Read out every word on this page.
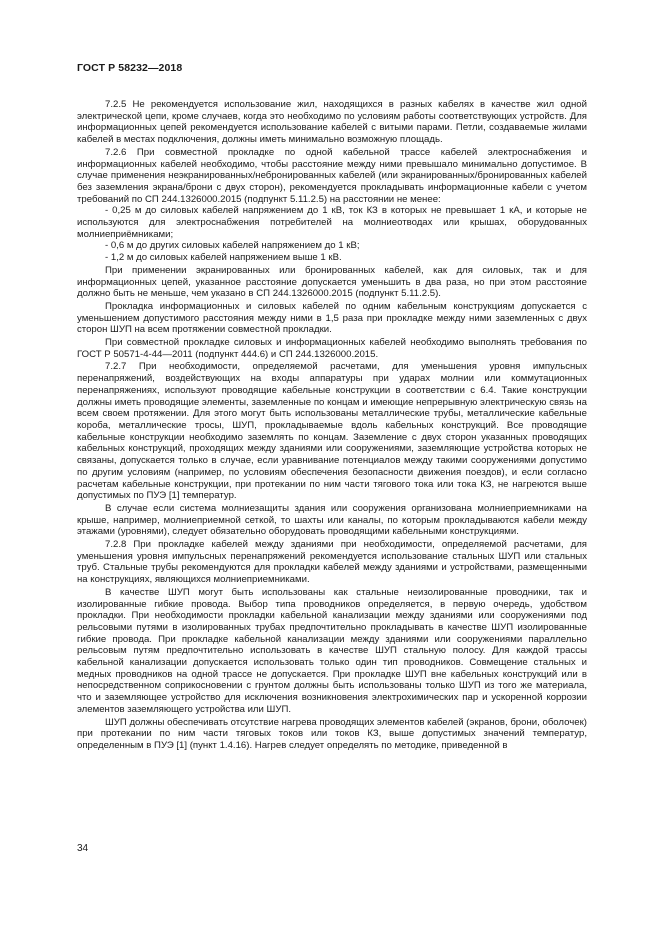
ГОСТ Р 58232—2018

7.2.5 Не рекомендуется использование жил, находящихся в разных кабелях в качестве жил одной электрической цепи, кроме случаев, когда это необходимо по условиям работы соответствующих устройств. Для информационных цепей рекомендуется использование кабелей с витыми парами. Петли, создаваемые жилами кабелей в местах подключения, должны иметь минимально возможную площадь.

7.2.6 При совместной прокладке по одной кабельной трассе кабелей электроснабжения и информационных кабелей необходимо, чтобы расстояние между ними превышало минимально допустимое. В случае применения неэкранированных/небронированных кабелей (или экранированных/бронированных кабелей без заземления экрана/брони с двух сторон), рекомендуется прокладывать информационные кабели с учетом требований по СП 244.1326000.2015 (подпункт 5.11.2.5) на расстоянии не менее:

- 0,25 м до силовых кабелей напряжением до 1 кВ, ток КЗ в которых не превышает 1 кА, и которые не используются для электроснабжения потребителей на молниеотводах или крышах, оборудованных молниеприёмниками;

- 0,6 м до других силовых кабелей напряжением до 1 кВ;

- 1,2 м до силовых кабелей напряжением выше 1 кВ.

При применении экранированных или бронированных кабелей, как для силовых, так и для информационных цепей, указанное расстояние допускается уменьшить в два раза, но при этом расстояние должно быть не меньше, чем указано в СП 244.1326000.2015 (подпункт 5.11.2.5).

Прокладка информационных и силовых кабелей по одним кабельным конструкциям допускается с уменьшением допустимого расстояния между ними в 1,5 раза при прокладке между ними заземленных с двух сторон ШУП на всем протяжении совместной прокладки.

При совместной прокладке силовых и информационных кабелей необходимо выполнять требования по ГОСТ Р 50571-4-44—2011 (подпункт 444.6) и СП 244.1326000.2015.

7.2.7 При необходимости, определяемой расчетами, для уменьшения уровня импульсных перенапряжений, воздействующих на входы аппаратуры при ударах молнии или коммутационных перенапряжениях, используют проводящие кабельные конструкции в соответствии с 6.4. Такие конструкции должны иметь проводящие элементы, заземленные по концам и имеющие непрерывную электрическую связь на всем своем протяжении. Для этого могут быть использованы металлические трубы, металлические кабельные короба, металлические тросы, ШУП, прокладываемые вдоль кабельных конструкций. Все проводящие кабельные конструкции необходимо заземлять по концам. Заземление с двух сторон указанных проводящих кабельных конструкций, проходящих между зданиями или сооружениями, заземляющие устройства которых не связаны, допускается только в случае, если уравнивание потенциалов между такими сооружениями допустимо по другим условиям (например, по условиям обеспечения безопасности движения поездов), и если согласно расчетам кабельные конструкции, при протекании по ним части тягового тока или тока КЗ, не нагреются выше допустимых по ПУЭ [1] температур.

В случае если система молниезащиты здания или сооружения организована молниеприемниками на крыше, например, молниеприемной сеткой, то шахты или каналы, по которым прокладываются кабели между этажами (уровнями), следует обязательно оборудовать проводящими кабельными конструкциями.

7.2.8 При прокладке кабелей между зданиями при необходимости, определяемой расчетами, для уменьшения уровня импульсных перенапряжений рекомендуется использование стальных ШУП или стальных труб. Стальные трубы рекомендуются для прокладки кабелей между зданиями и устройствами, размещенными на конструкциях, являющихся молниеприемниками.

В качестве ШУП могут быть использованы как стальные неизолированные проводники, так и изолированные гибкие провода. Выбор типа проводников определяется, в первую очередь, удобством прокладки. При необходимости прокладки кабельной канализации между зданиями или сооружениями под рельсовыми путями в изолированных трубах предпочтительно прокладывать в качестве ШУП изолированные гибкие провода. При прокладке кабельной канализации между зданиями или сооружениями параллельно рельсовым путям предпочтительно использовать в качестве ШУП стальную полосу. Для каждой трассы кабельной канализации допускается использовать только один тип проводников. Совмещение стальных и медных проводников на одной трассе не допускается. При прокладке ШУП вне кабельных конструкций или в непосредственном соприкосновении с грунтом должны быть использованы только ШУП из того же материала, что и заземляющее устройство для исключения возникновения электрохимических пар и ускоренной коррозии элементов заземляющего устройства или ШУП.

ШУП должны обеспечивать отсутствие нагрева проводящих элементов кабелей (экранов, брони, оболочек) при протекании по ним части тяговых токов или токов КЗ, выше допустимых значений температур, определенным в ПУЭ [1] (пункт 1.4.16). Нагрев следует определять по методике, приведенной в

34
